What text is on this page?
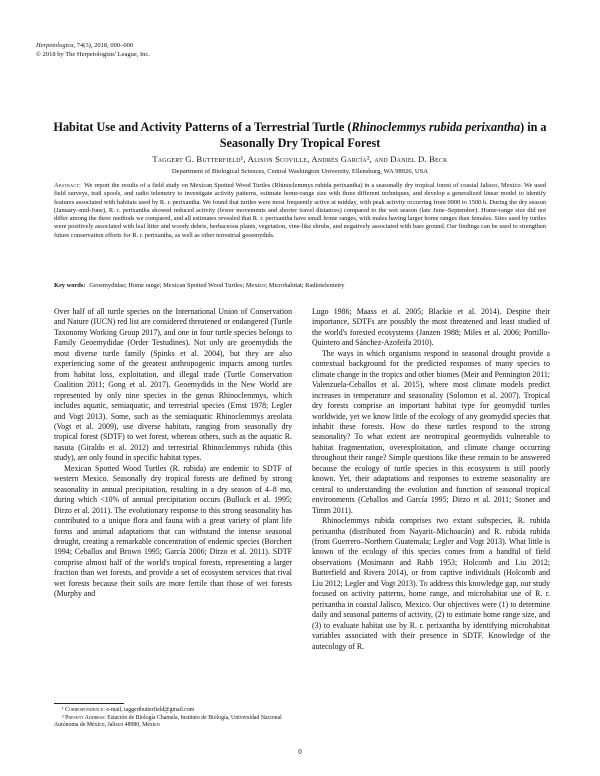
Herpetologica, 74(3), 2018, 000–000
© 2018 by The Herpetologists' League, Inc.
Habitat Use and Activity Patterns of a Terrestrial Turtle (Rhinoclemmys rubida perixantha) in a Seasonally Dry Tropical Forest
Taggert G. Butterfield¹, Alison Scoville, Andrés García², and Daniel D. Beck
Department of Biological Sciences, Central Washington University, Ellensburg, WA 98926, USA
Abstract: We report the results of a field study on Mexican Spotted Wood Turtles (Rhinoclemmys rubida perixantha) in a seasonally dry tropical forest of coastal Jalisco, Mexico. We used field surveys, trail spools, and radio telemetry to investigate activity patterns, estimate home-range size with three different techniques, and develop a generalized linear model to identify features associated with habitats used by R. r. perixantha. We found that turtles were most frequently active at midday, with peak activity occurring from 0900 to 1500 h. During the dry season (January–mid-June), R. r. perixantha showed reduced activity (fewer movements and shorter travel distances) compared to the wet season (late June–September). Home-range size did not differ among the three methods we compared, and all estimates revealed that R. r. perixantha have small home ranges, with males having larger home ranges than females. Sites used by turtles were positively associated with leaf litter and woody debris, herbaceous plants, vegetation, vine-like shrubs, and negatively associated with bare ground. Our findings can be used to strengthen future conservation efforts for R. r. perixantha, as well as other terrestrial geoemydids.
Key words: Geoemydidae; Home range; Mexican Spotted Wood Turtles; Mexico; Microhabitat; Radiotelemetry

Over half of all turtle species on the International Union of Conservation and Nature (IUCN) red list are considered threatened or endangered (Turtle Taxonomy Working Group 2017), and one in four turtle species belongs to Family Geoemydidae (Order Testudines). Not only are geoemydids the most diverse turtle family (Spinks et al. 2004), but they are also experiencing some of the greatest anthropogenic impacts among turtles from habitat loss, exploitation, and illegal trade (Turtle Conservation Coalition 2011; Gong et al. 2017). Geoemydids in the New World are represented by only nine species in the genus Rhinoclemmys, which includes aquatic, semiaquatic, and terrestrial species (Ernst 1978; Legler and Vogt 2013). Some, such as the semiaquatic Rhinoclemmys areolata (Vogt et al. 2009), use diverse habitats, ranging from seasonally dry tropical forest (SDTF) to wet forest, whereas others, such as the aquatic R. nasuta (Giraldo et al. 2012) and terrestrial Rhinoclemmys rubida (this study), are only found in specific habitat types.

Mexican Spotted Wood Turtles (R. rubida) are endemic to SDTF of western Mexico. Seasonally dry tropical forests are defined by strong seasonality in annual precipitation, resulting in a dry season of 4–8 mo, during which <10% of annual precipitation occurs (Bullock et al. 1995; Dirzo et al. 2011). The evolutionary response to this strong seasonality has contributed to a unique flora and fauna with a great variety of plant life forms and animal adaptations that can withstand the intense seasonal drought, creating a remarkable concentration of endemic species (Borchert 1994; Ceballos and Brown 1995; García 2006; Dirzo et al. 2011). SDTF comprise almost half of the world's tropical forests, representing a larger fraction than wet forests, and provide a set of ecosystem services that rival wet forests because their soils are more fertile than those of wet forests (Murphy and

Lugo 1986; Maass et al. 2005; Blackie et al. 2014). Despite their importance, SDTFs are possibly the most threatened and least studied of the world's forested ecosystems (Janzen 1988; Miles et al. 2006; Portillo-Quintero and Sánchez-Azofeifa 2010).

The ways in which organisms respond to seasonal drought provide a contextual background for the predicted responses of many species to climate change in the tropics and other biomes (Meir and Pennington 2011; Valenzuela-Ceballos et al. 2015), where most climate models predict increases in temperature and seasonality (Solomon et al. 2007). Tropical dry forests comprise an important habitat type for geomydid turtles worldwide, yet we know little of the ecology of any geomydid species that inhabit these forests. How do these turtles respond to the strong seasonality? To what extent are neotropical geoemydids vulnerable to habitat fragmentation, overexploitation, and climate change occurring throughout their range? Simple questions like these remain to be answered because the ecology of turtle species in this ecosystem is still poorly known. Yet, their adaptations and responses to extreme seasonality are central to understanding the evolution and function of seasonal tropical environments (Ceballos and García 1995; Dirzo et al. 2011; Stoner and Timm 2011).

Rhinoclemmys rubida comprises two extant subspecies, R. rubida perixantha (distributed from Nayarit–Michoacán) and R. rubida rubida (from Guerrero–Northern Guatemala; Legler and Vogt 2013). What little is known of the ecology of this species comes from a handful of field observations (Mosimann and Rabb 1953; Holcomb and Liu 2012; Butterfield and Rivera 2014), or from captive individuals (Holcomb and Liu 2012; Legler and Vogt 2013). To address this knowledge gap, our study focused on activity patterns, home range, and microhabitat use of R. r. perixantha in coastal Jalisco, Mexico. Our objectives were (1) to determine daily and seasonal patterns of activity, (2) to estimate home range size, and (3) to evaluate habitat use by R. r. perixantha by identifying microhabitat variables associated with their presence in SDTF. Knowledge of the autecology of R.

¹ Correspondence: e-mail, taggertbutterfield@gmail.com

² Present Address: Estación de Biología Chamela, Instituto de Biología, Universidad Nacional Autónoma de México, Jalisco 48980, México

0
